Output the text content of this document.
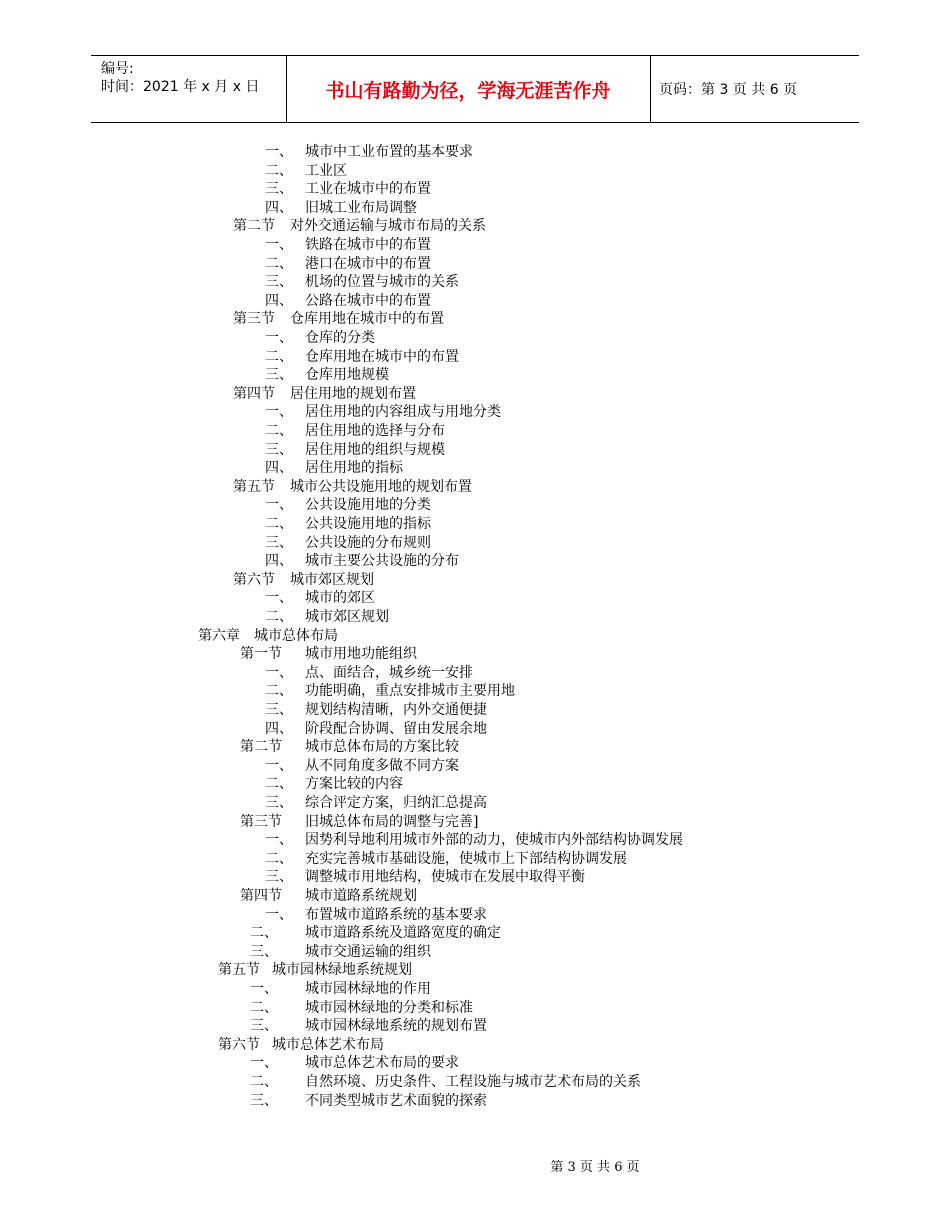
编号:
时间：2021 年 x 月 x 日	书山有路勤为径，学海无涯苦作舟	页码：第 3 页 共 6 页
一、 城市中工业布置的基本要求
二、 工业区
三、 工业在城市中的布置
四、 旧城工业布局调整
第二节 对外交通运输与城市布局的关系
一、 铁路在城市中的布置
二、 港口在城市中的布置
三、 机场的位置与城市的关系
四、 公路在城市中的布置
第三节 仓库用地在城市中的布置
一、 仓库的分类
二、 仓库用地在城市中的布置
三、 仓库用地规模
第四节 居住用地的规划布置
一、 居住用地的内容组成与用地分类
二、 居住用地的选择与分布
三、 居住用地的组织与规模
四、 居住用地的指标
第五节 城市公共设施用地的规划布置
一、 公共设施用地的分类
二、 公共设施用地的指标
三、 公共设施的分布规则
四、 城市主要公共设施的分布
第六节 城市郊区规划
一、 城市的郊区
二、 城市郊区规划
第六章 城市总体布局
第一节 城市用地功能组织
一、 点、面结合，城乡统一安排
二、 功能明确，重点安排城市主要用地
三、 规划结构清晰，内外交通便捷
四、 阶段配合协调、留由发展余地
第二节 城市总体布局的方案比较
一、 从不同角度多做不同方案
二、 方案比较的内容
三、 综合评定方案，归纳汇总提高
第三节 旧城总体布局的调整与完善]
一、 因势利导地利用城市外部的动力，使城市内外部结构协调发展
二、 充实完善城市基础设施，使城市上下部结构协调发展
三、 调整城市用地结构，使城市在发展中取得平衡
第四节 城市道路系统规划
一、 布置城市道路系统的基本要求
二、 城市道路系统及道路宽度的确定
三、 城市交通运输的组织
第五节 城市园林绿地系统规划
一、 城市园林绿地的作用
二、 城市园林绿地的分类和标准
三、 城市园林绿地系统的规划布置
第六节 城市总体艺术布局
一、 城市总体艺术布局的要求
二、 自然环境、历史条件、工程设施与城市艺术布局的关系
三、 不同类型城市艺术面貌的探索
第 3 页 共 6 页
